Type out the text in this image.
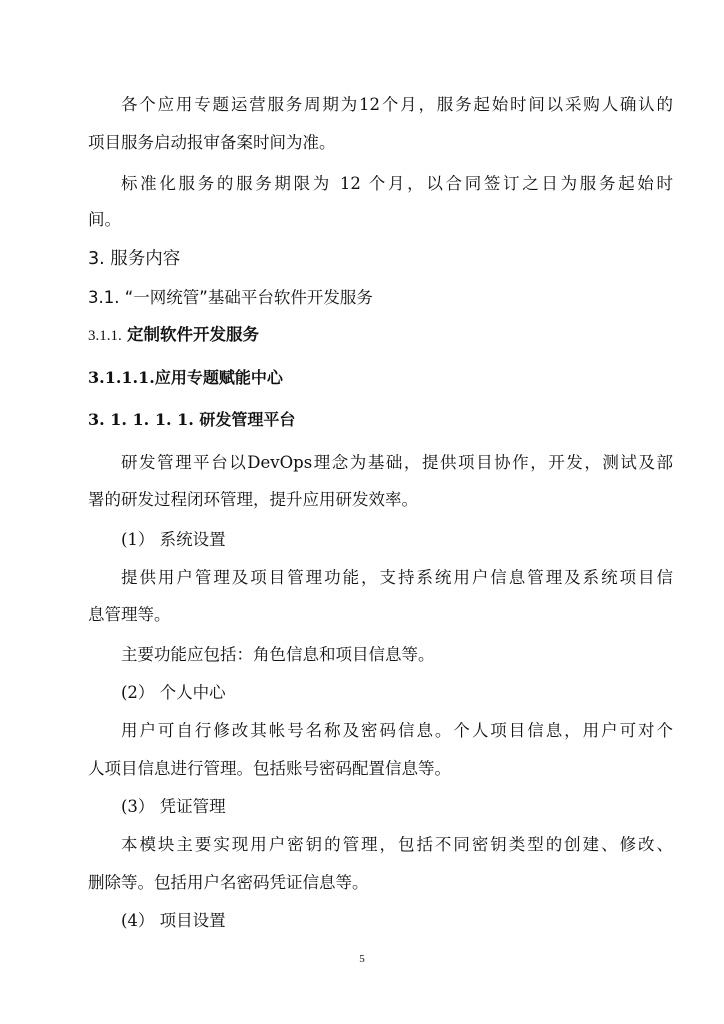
各个应用专题运营服务周期为12个月，服务起始时间以采购人确认的
项目服务启动报审备案时间为准。
标准化服务的服务期限为 12 个月，以合同签订之日为服务起始时
间。
3. 服务内容
3.1. “一网统管”基础平台软件开发服务
3.1.1. 定制软件开发服务
3.1.1.1.应用专题赋能中心
3. 1. 1. 1. 1. 研发管理平台
研发管理平台以DevOps理念为基础，提供项目协作，开发，测试及部
署的研发过程闭环管理，提升应用研发效率。
(1） 系统设置
提供用户管理及项目管理功能，支持系统用户信息管理及系统项目信
息管理等。
主要功能应包括：角色信息和项目信息等。
(2） 个人中心
用户可自行修改其帐号名称及密码信息。个人项目信息，用户可对个
人项目信息进行管理。包括账号密码配置信息等。
(3） 凭证管理
本模块主要实现用户密钥的管理，包括不同密钥类型的创建、修改、
删除等。包括用户名密码凭证信息等。
(4） 项目设置
5
